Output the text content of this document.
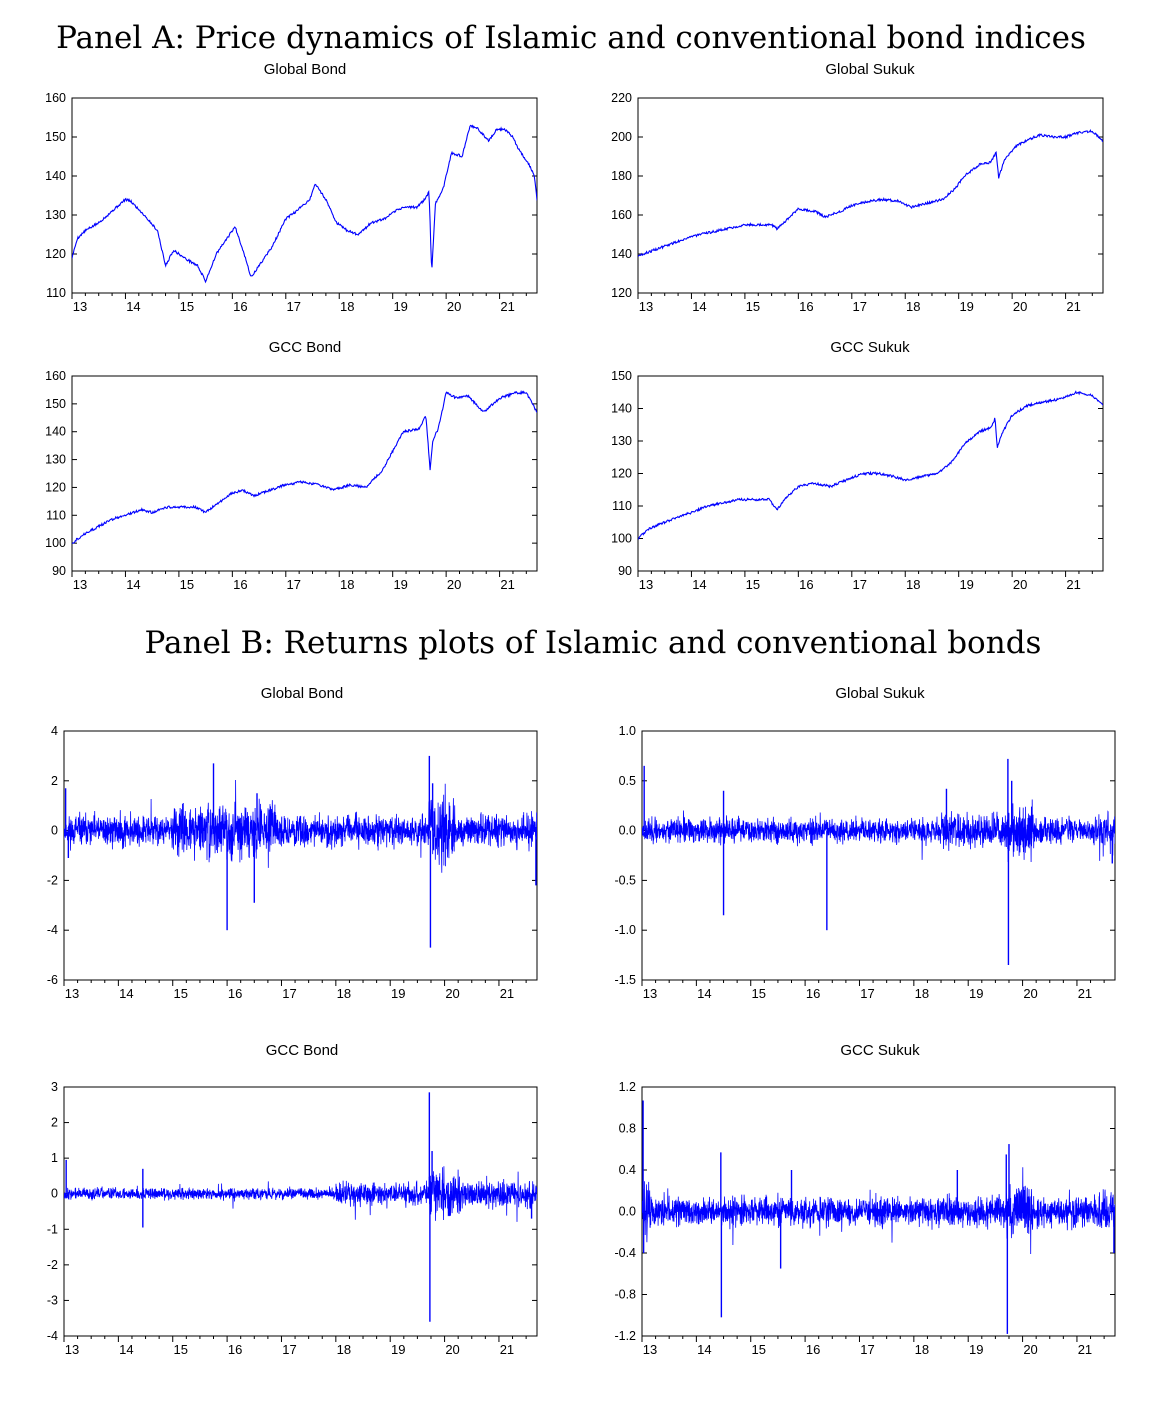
Panel A: Price dynamics of Islamic and conventional bond indices
Panel B: Returns plots of Islamic and conventional bonds
Global Bond
110
120
130
140
150
160
13	14	15	16	17	18	19	20	21
Global Sukuk
120
140
160
180
200
220
13	14	15	16	17	18	19	20	21
GCC Bond
90
100
110
120
130
140
150
160
13	14	15	16	17	18	19	20	21
GCC Sukuk
90
100
110
120
130
140
150
13	14	15	16	17	18	19	20	21
Global Bond
-6
-4
-2
0
2
4
13	14	15	16	17	18	19	20	21
Global Sukuk
-1.5
-1.0
-0.5
0.0
0.5
1.0
13	14	15	16	17	18	19	20	21
GCC Bond
-4
-3
-2
-1
0
1
2
3
13	14	15	16	17	18	19	20	21
GCC Sukuk
-1.2
-0.8
-0.4
0.0
0.4
0.8
1.2
13	14	15	16	17	18	19	20	21
